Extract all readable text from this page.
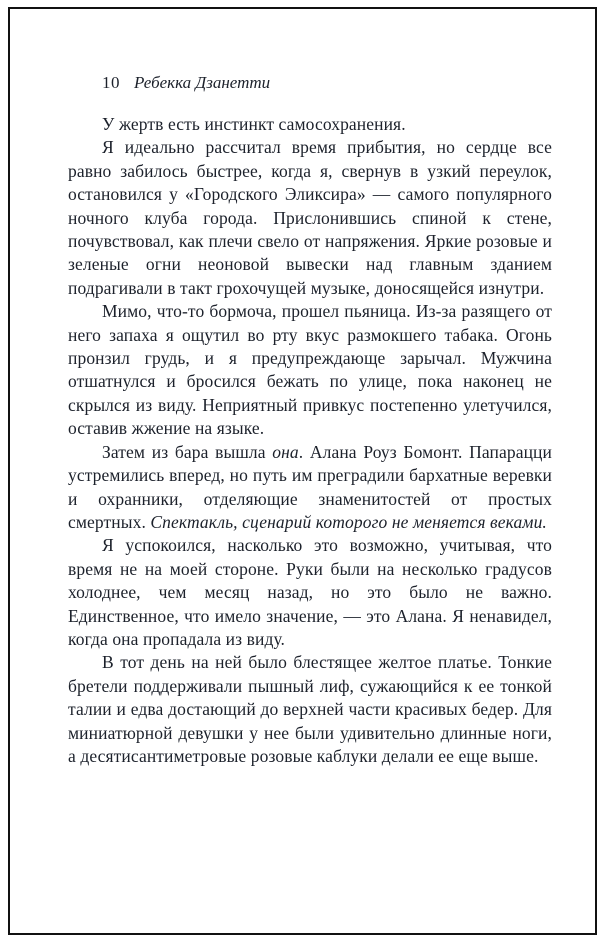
10 Ребекка Дзанетти

У жертв есть инстинкт самосохранения.

Я идеально рассчитал время прибытия, но сердце все равно забилось быстрее, когда я, свернув в узкий переулок, остановился у «Городского Эликсира» — самого популярного ночного клуба города. Прислонившись спиной к стене, почувствовал, как плечи свело от напряжения. Яркие розовые и зеленые огни неоновой вывески над главным зданием подрагивали в такт грохочущей музыке, доносящейся изнутри.

Мимо, что-то бормоча, прошел пьяница. Из-за разящего от него запаха я ощутил во рту вкус размокшего табака. Огонь пронзил грудь, и я предупреждающе зарычал. Мужчина отшатнулся и бросился бежать по улице, пока наконец не скрылся из виду. Неприятный привкус постепенно улетучился, оставив жжение на языке.

Затем из бара вышла она. Алана Роуз Бомонт. Папарацци устремились вперед, но путь им преградили бархатные веревки и охранники, отделяющие знаменитостей от простых смертных. Спектакль, сценарий которого не меняется веками.

Я успокоился, насколько это возможно, учитывая, что время не на моей стороне. Руки были на несколько градусов холоднее, чем месяц назад, но это было не важно. Единственное, что имело значение, — это Алана. Я ненавидел, когда она пропадала из виду.

В тот день на ней было блестящее желтое платье. Тонкие бретели поддерживали пышный лиф, сужающийся к ее тонкой талии и едва достающий до верхней части красивых бедер. Для миниатюрной девушки у нее были удивительно длинные ноги, а десятисантиметровые розовые каблуки делали ее еще выше.
